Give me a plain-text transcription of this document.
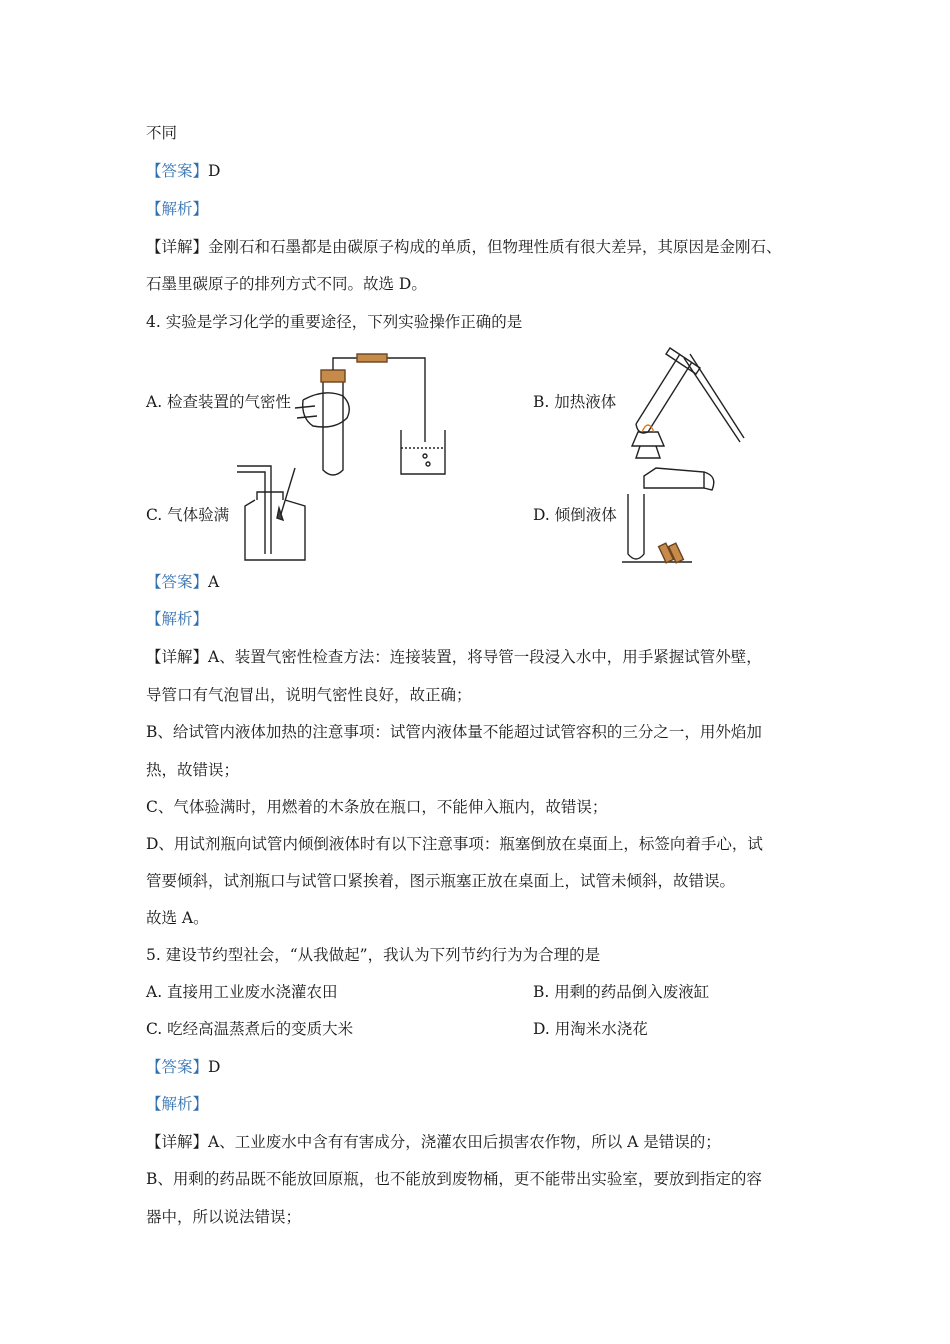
不同
【答案】D
【解析】
【详解】金刚石和石墨都是由碳原子构成的单质，但物理性质有很大差异，其原因是金刚石、
石墨里碳原子的排列方式不同。故选 D。
4. 实验是学习化学的重要途径，下列实验操作正确的是
A. 检查装置的气密性	B. 加热液体
C. 气体验满	D. 倾倒液体
【答案】A
【解析】
【详解】A、装置气密性检查方法：连接装置，将导管一段浸入水中，用手紧握试管外壁，
导管口有气泡冒出，说明气密性良好，故正确；
B、给试管内液体加热的注意事项：试管内液体量不能超过试管容积的三分之一，用外焰加
热，故错误；
C、气体验满时，用燃着的木条放在瓶口，不能伸入瓶内，故错误；
D、用试剂瓶向试管内倾倒液体时有以下注意事项：瓶塞倒放在桌面上，标签向着手心，试
管要倾斜，试剂瓶口与试管口紧挨着，图示瓶塞正放在桌面上，试管未倾斜，故错误。
故选 A。
5. 建设节约型社会，“从我做起”，我认为下列节约行为为合理的是
A. 直接用工业废水浇灌农田	B. 用剩的药品倒入废液缸
C. 吃经高温蒸煮后的变质大米	D. 用淘米水浇花
【答案】D
【解析】
【详解】A、工业废水中含有有害成分，浇灌农田后损害农作物，所以 A 是错误的；
B、用剩的药品既不能放回原瓶，也不能放到废物桶，更不能带出实验室，要放到指定的容
器中，所以说法错误；
